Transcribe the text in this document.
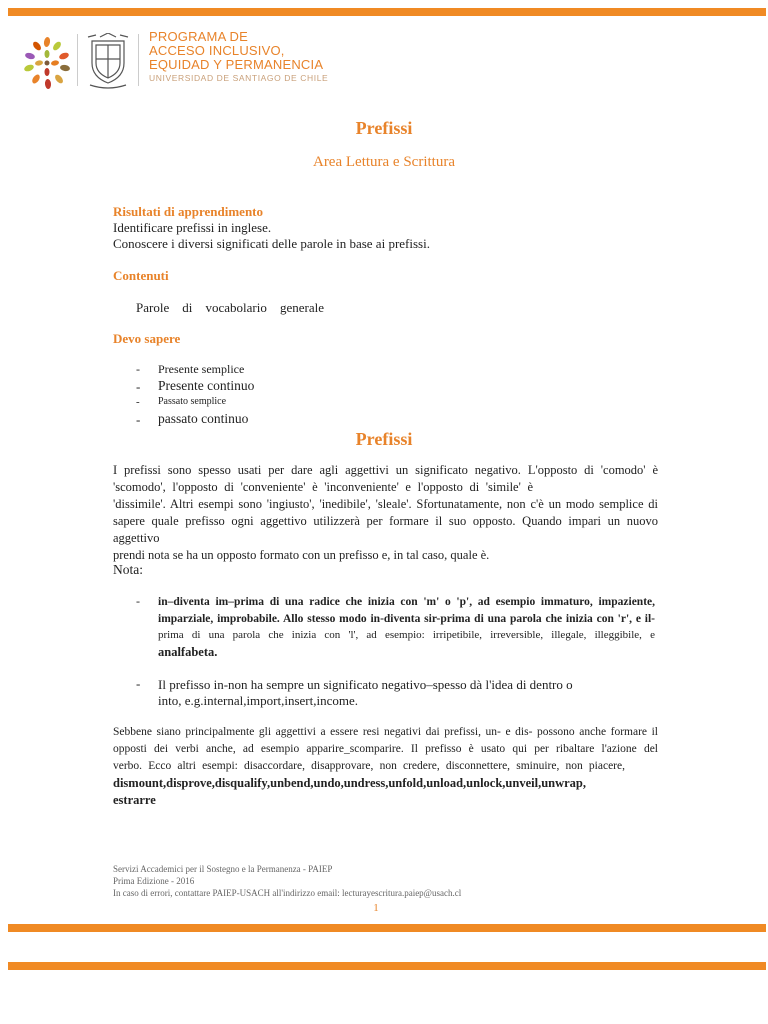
PROGRAMA DE
ACCESO INCLUSIVO,
EQUIDAD Y PERMANENCIA
UNIVERSIDAD DE SANTIAGO DE CHILE
Prefissi
Area Lettura e Scrittura
Risultati di apprendimento
Identificare prefissi in inglese.
Conoscere i diversi significati delle parole in base ai prefissi.
Contenuti
Parole di vocabolario generale
Devo sapere
- Presente semplice
- Presente continuo
- Passato semplice
- passato continuo
Prefissi
I prefissi sono spesso usati per dare agli aggettivi un significato negativo. L'opposto di 'comodo' è
'scomodo', l'opposto di 'conveniente' è 'inconveniente' e l'opposto di 'simile' è
'dissimile'. Altri esempi sono 'ingiusto', 'inedibile', 'sleale'. Sfortunatamente, non c'è un modo semplice di
sapere quale prefisso ogni aggettivo utilizzerà per formare il suo opposto. Quando impari un nuovo aggettivo
prendi nota se ha un opposto formato con un prefisso e, in tal caso, quale è.
Nota:
- in–diventa im–prima di una radice che inizia con 'm' o 'p', ad esempio immaturo, impaziente,
imparziale, improbabile. Allo stesso modo in-diventa sir-prima di una parola che inizia con 'r', e il-
prima di una parola che inizia con 'l', ad esempio: irripetibile, irreversible, illegale, illeggibile, e
analfabeta.
- Il prefisso in-non ha sempre un significato negativo–spesso dà l'idea di dentro o
into, e.g.internal,import,insert,income.
Sebbene siano principalmente gli aggettivi a essere resi negativi dai prefissi, un- e dis- possono anche formare il
opposti dei verbi anche, ad esempio apparire_scomparire. Il prefisso è usato qui per ribaltare l'azione del
verbo. Ecco altri esempi: disaccordare, disapprovare, non credere, disconnettere, sminuire, non piacere,
dismount,disprove,disqualify,unbend,undo,undress,unfold,unload,unlock,unveil,unwrap,
estrarre
Servizi Accademici per il Sostegno e la Permanenza - PAIEP
Prima Edizione - 2016
In caso di errori, contattare PAIEP-USACH all'indirizzo email: lecturayescritura.paiep@usach.cl
1
